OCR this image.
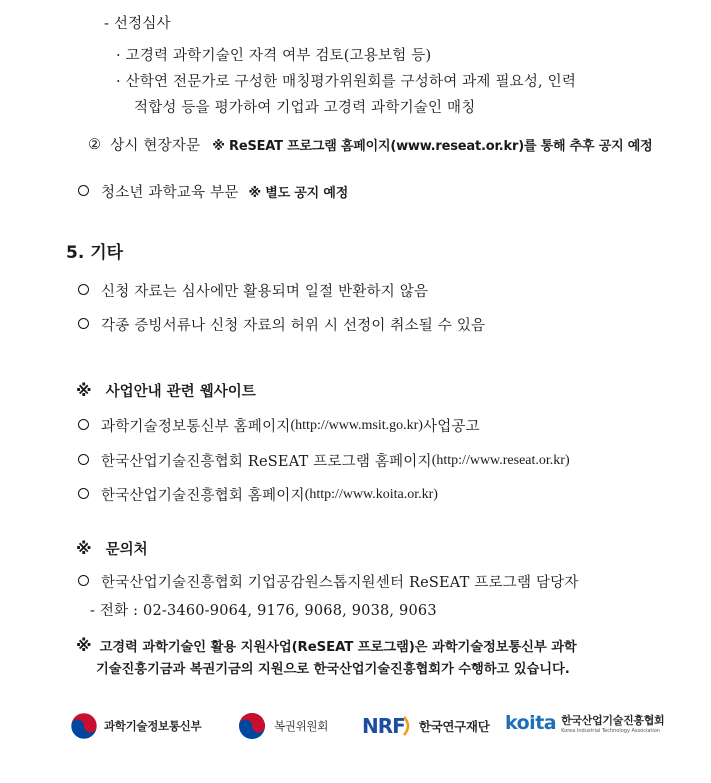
- 선정심사
· 고경력 과학기술인 자격 여부 검토(고용보험 등)
· 산학연 전문가로 구성한 매칭평가위원회를 구성하여 과제 필요성, 인력
적합성 등을 평가하여 기업과 고경력 과학기술인 매칭
② 상시 현장자문 ※ ReSEAT 프로그램 홈페이지(www.reseat.or.kr)를 통해 추후 공지 예정
청소년 과학교육 부문 ※ 별도 공지 예정
5. 기타
신청 자료는 심사에만 활용되며 일절 반환하지 않음
각종 증빙서류나 신청 자료의 허위 시 선정이 취소될 수 있음
※ 사업안내 관련 웹사이트
과학기술정보통신부 홈페이지 (http://www.msit.go.kr) 사업공고
한국산업기술진흥협회 ReSEAT 프로그램 홈페이지 (http://www.reseat.or.kr)
한국산업기술진흥협회 홈페이지 (http://www.koita.or.kr)
※ 문의처
한국산업기술진흥협회 기업공감원스톱지원센터 ReSEAT 프로그램 담당자
- 전화 : 02-3460-9064, 9176, 9068, 9038, 9063
※ 고경력 과학기술인 활용 지원사업(ReSEAT 프로그램)은 과학기술정보통신부 과학
기술진흥기금과 복권기금의 지원으로 한국산업기술진흥협회가 수행하고 있습니다.
과학기술정보통신부	복권위원회 NRF 한국연구재단 koita 한국산업기술진흥협회
Korea Industrial Technology Association
